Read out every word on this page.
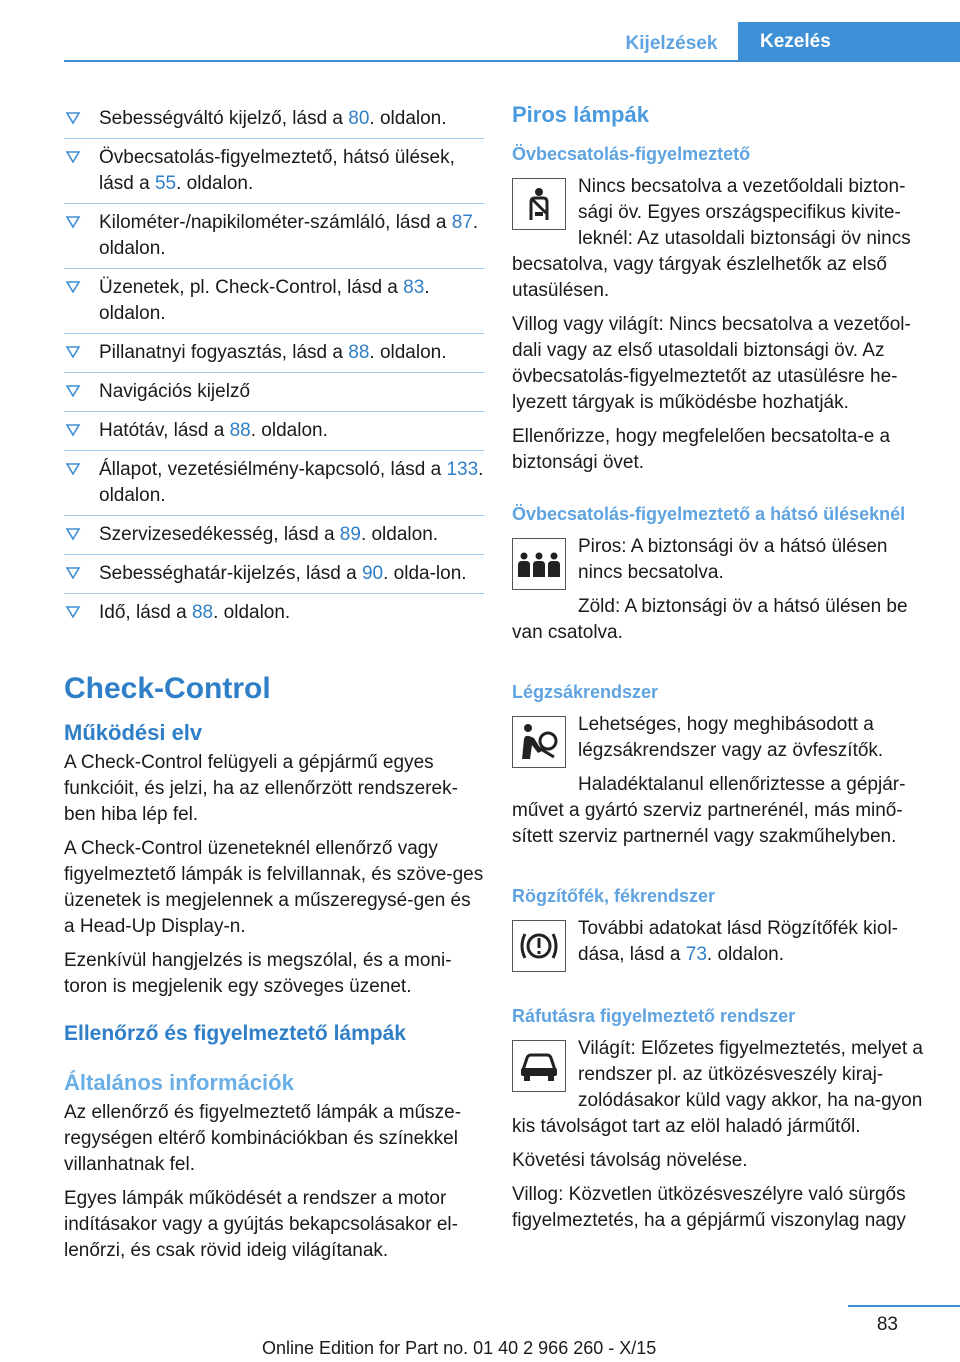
Kijelzések	Kezelés
Sebességváltó kijelző, lásd a 80. oldalon.
Övbecsatolás-figyelmeztető, hátsó ülések, lásd a 55. oldalon.
Kilométer-/napikilométer-számláló, lásd a 87. oldalon.
Üzenetek, pl. Check-Control, lásd a 83. oldalon.
Pillanatnyi fogyasztás, lásd a 88. oldalon.
Navigációs kijelző
Hatótáv, lásd a 88. oldalon.
Állapot, vezetésiélmény-kapcsoló, lásd a 133. oldalon.
Szervizesedékesség, lásd a 89. oldalon.
Sebességhatár-kijelzés, lásd a 90. olda-lon.
Idő, lásd a 88. oldalon.
Check-Control
Működési elv

A Check-Control felügyeli a gépjármű egyes funkcióit, és jelzi, ha az ellenőrzött rendszerek-ben hiba lép fel.

A Check-Control üzeneteknél ellenőrző vagy figyelmeztető lámpák is felvillannak, és szöve-ges üzenetek is megjelennek a műszeregysé-gen és a Head-Up Display-n.

Ezenkívül hangjelzés is megszólal, és a moni-toron is megjelenik egy szöveges üzenet.

Ellenőrző és figyelmeztető lámpák
Általános információk

Az ellenőrző és figyelmeztető lámpák a műsze-regységen eltérő kombinációkban és színekkel villanhatnak fel.

Egyes lámpák működését a rendszer a motor indításakor vagy a gyújtás bekapcsolásakor el-lenőrzi, és csak rövid ideig világítanak.

Piros lámpák
Övbecsatolás-figyelmeztető

Nincs becsatolva a vezetőoldali bizton-sági öv. Egyes országspecifikus kivite-leknél: Az utasoldali biztonsági öv nincs becsatolva, vagy tárgyak észlelhetők az első utasülésen.

Villog vagy világít: Nincs becsatolva a vezetőol-dali vagy az első utasoldali biztonsági öv. Az övbecsatolás-figyelmeztetőt az utasülésre he-lyezett tárgyak is működésbe hozhatják.

Ellenőrizze, hogy megfelelően becsatolta-e a biztonsági övet.

Övbecsatolás-figyelmeztető a hátsó üléseknél

Piros: A biztonsági öv a hátsó ülésen nincs becsatolva.

Zöld: A biztonsági öv a hátsó ülésen be van csatolva.

Légzsákrendszer

Lehetséges, hogy meghibásodott a légzsákrendszer vagy az övfeszítők.

Haladéktalanul ellenőriztesse a gépjár-művet a gyártó szerviz partnerénél, más minő-sített szerviz partnernél vagy szakműhelyben.

Rögzítőfék, fékrendszer

További adatokat lásd Rögzítőfék kiol-dása, lásd a 73. oldalon.

Ráfutásra figyelmeztető rendszer

Világít: Előzetes figyelmeztetés, melyet a rendszer pl. az ütközésveszély kiraj-zolódásakor küld vagy akkor, ha na-gyon kis távolságot tart az elöl haladó járműtől.

Követési távolság növelése.

Villog: Közvetlen ütközésveszélyre való sürgős figyelmeztetés, ha a gépjármű viszonylag nagy

83
Online Edition for Part no. 01 40 2 966 260 - X/15
